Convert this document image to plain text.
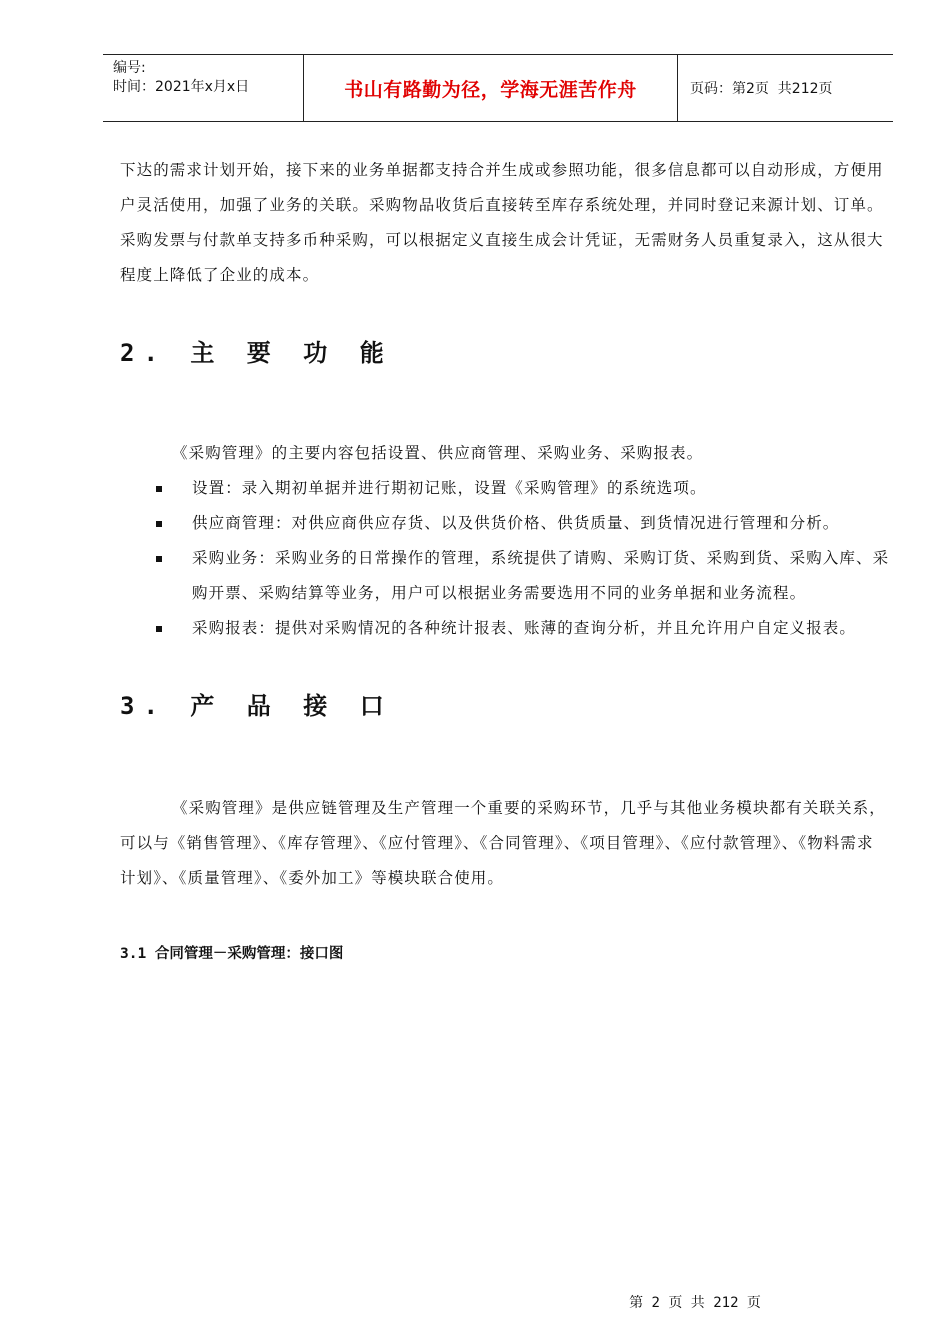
编号:
时间：2021年x月x日	书山有路勤为径，学海无涯苦作舟	页码：第2页  共212页

下达的需求计划开始，接下来的业务单据都支持合并生成或参照功能，很多信息都可以自动形成，方便用户灵活使用，加强了业务的关联。采购物品收货后直接转至库存系统处理，并同时登记来源计划、订单。采购发票与付款单支持多币种采购，可以根据定义直接生成会计凭证，无需财务人员重复录入，这从很大程度上降低了企业的成本。

2. 主 要 功 能

《采购管理》的主要内容包括设置、供应商管理、采购业务、采购报表。

设置：录入期初单据并进行期初记账，设置《采购管理》的系统选项。
供应商管理：对供应商供应存货、以及供货价格、供货质量、到货情况进行管理和分析。
采购业务：采购业务的日常操作的管理，系统提供了请购、采购订货、采购到货、采购入库、采购开票、采购结算等业务，用户可以根据业务需要选用不同的业务单据和业务流程。
采购报表：提供对采购情况的各种统计报表、账薄的查询分析，并且允许用户自定义报表。
3. 产 品 接 口

《采购管理》是供应链管理及生产管理一个重要的采购环节，几乎与其他业务模块都有关联关系，可以与《销售管理》、《库存管理》、《应付管理》、《合同管理》、《项目管理》、《应付款管理》、《物料需求计划》、《质量管理》、《委外加工》等模块联合使用。

3.1 合同管理－采购管理：接口图
第 2 页 共 212 页
